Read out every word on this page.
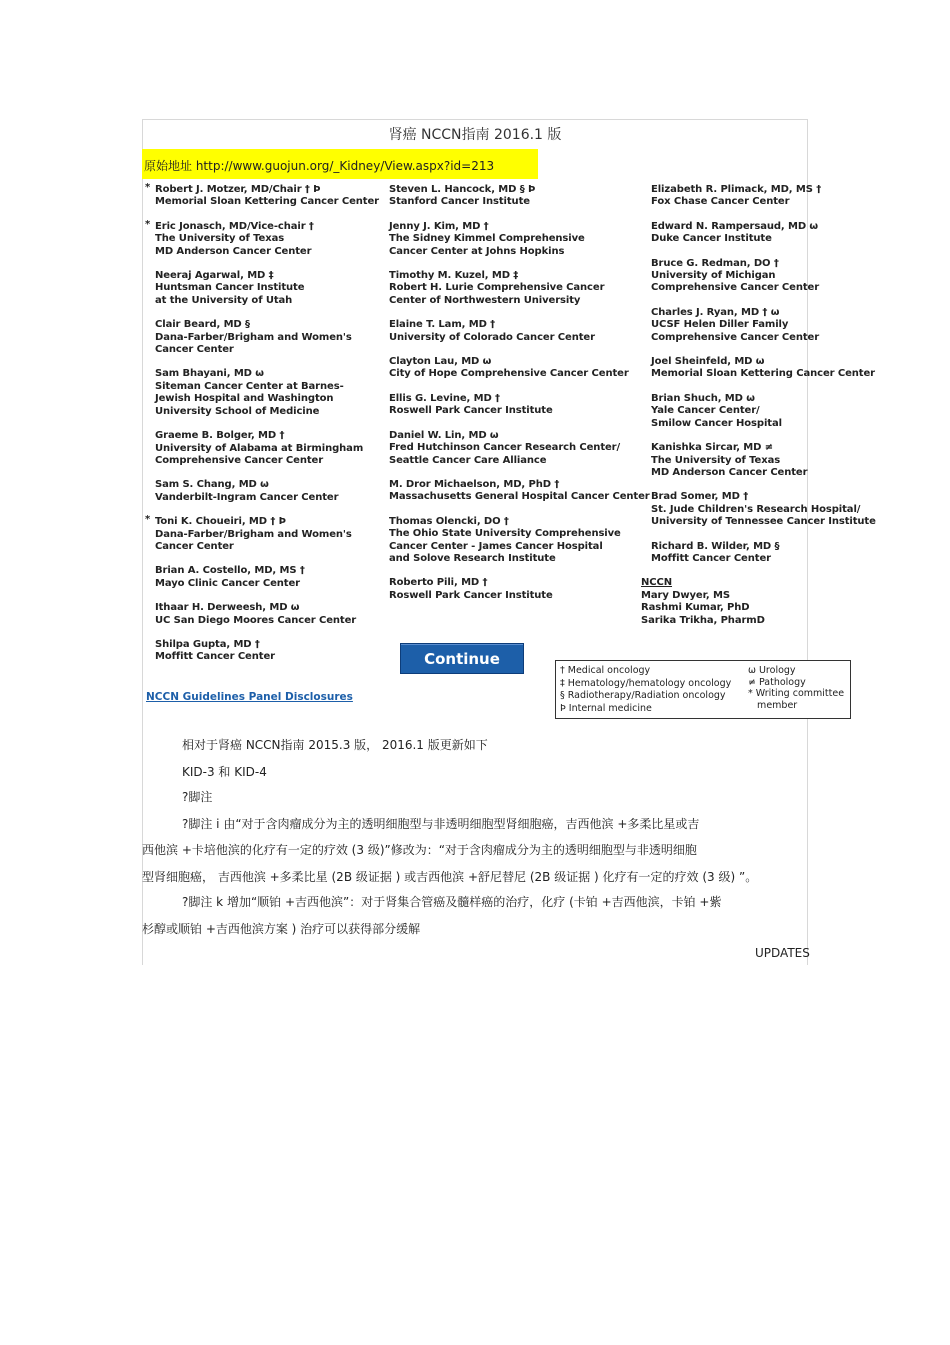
肾癌 NCCN指南 2016.1 版
原始地址 http://www.guojun.org/_Kidney/View.aspx?id=213
* Robert J. Motzer, MD/Chair † Þ
Memorial Sloan Kettering Cancer Center
* Eric Jonasch, MD/Vice-chair †
The University of Texas
MD Anderson Cancer Center
Neeraj Agarwal, MD ‡
Huntsman Cancer Institute
at the University of Utah
Clair Beard, MD §
Dana-Farber/Brigham and Women's
Cancer Center
Sam Bhayani, MD ω
Siteman Cancer Center at Barnes-
Jewish Hospital and Washington
University School of Medicine
Graeme B. Bolger, MD †
University of Alabama at Birmingham
Comprehensive Cancer Center
Sam S. Chang, MD ω
Vanderbilt-Ingram Cancer Center
* Toni K. Choueiri, MD † Þ
Dana-Farber/Brigham and Women's
Cancer Center
Brian A. Costello, MD, MS †
Mayo Clinic Cancer Center
Ithaar H. Derweesh, MD ω
UC San Diego Moores Cancer Center
Shilpa Gupta, MD †
Moffitt Cancer Center
Steven L. Hancock, MD § Þ
Stanford Cancer Institute
Jenny J. Kim, MD †
The Sidney Kimmel Comprehensive
Cancer Center at Johns Hopkins
Timothy M. Kuzel, MD ‡
Robert H. Lurie Comprehensive Cancer
Center of Northwestern University
Elaine T. Lam, MD †
University of Colorado Cancer Center
Clayton Lau, MD ω
City of Hope Comprehensive Cancer Center
Ellis G. Levine, MD †
Roswell Park Cancer Institute
Daniel W. Lin, MD ω
Fred Hutchinson Cancer Research Center/
Seattle Cancer Care Alliance
M. Dror Michaelson, MD, PhD †
Massachusetts General Hospital Cancer Center
Thomas Olencki, DO †
The Ohio State University Comprehensive
Cancer Center - James Cancer Hospital
and Solove Research Institute
Roberto Pili, MD †
Roswell Park Cancer Institute
Elizabeth R. Plimack, MD, MS †
Fox Chase Cancer Center
Edward N. Rampersaud, MD ω
Duke Cancer Institute
Bruce G. Redman, DO †
University of Michigan
Comprehensive Cancer Center
Charles J. Ryan, MD † ω
UCSF Helen Diller Family
Comprehensive Cancer Center
Joel Sheinfeld, MD ω
Memorial Sloan Kettering Cancer Center
Brian Shuch, MD ω
Yale Cancer Center/
Smilow Cancer Hospital
Kanishka Sircar, MD ≠
The University of Texas
MD Anderson Cancer Center
Brad Somer, MD †
St. Jude Children's Research Hospital/
University of Tennessee Cancer Institute
Richard B. Wilder, MD §
Moffitt Cancer Center
NCCN
Mary Dwyer, MS
Rashmi Kumar, PhD
Sarika Trikha, PharmD
Continue
NCCN Guidelines Panel Disclosures
† Medical oncology
‡ Hematology/hematology oncology
§ Radiotherapy/Radiation oncology
Þ Internal medicine
ω Urology
≠ Pathology
* Writing committee
member
相对于肾癌 NCCN指南 2015.3 版， 2016.1 版更新如下
KID-3 和 KID-4
?脚注
?脚注 i 由“对于含肉瘤成分为主的透明细胞型与非透明细胞型肾细胞癌，吉西他滨 +多柔比星或吉
西他滨 +卡培他滨的化疗有一定的疗效 (3 级)”修改为：“对于含肉瘤成分为主的透明细胞型与非透明细胞
型肾细胞癌， 吉西他滨 +多柔比星 (2B 级证据 ) 或吉西他滨 +舒尼替尼 (2B 级证据 ) 化疗有一定的疗效 (3 级) ”。
?脚注 k 增加“顺铂 +吉西他滨”：对于肾集合管癌及髓样癌的治疗，化疗 (卡铂 +吉西他滨，卡铂 +紫
杉醇或顺铂 +吉西他滨方案 ) 治疗可以获得部分缓解
UPDATES
